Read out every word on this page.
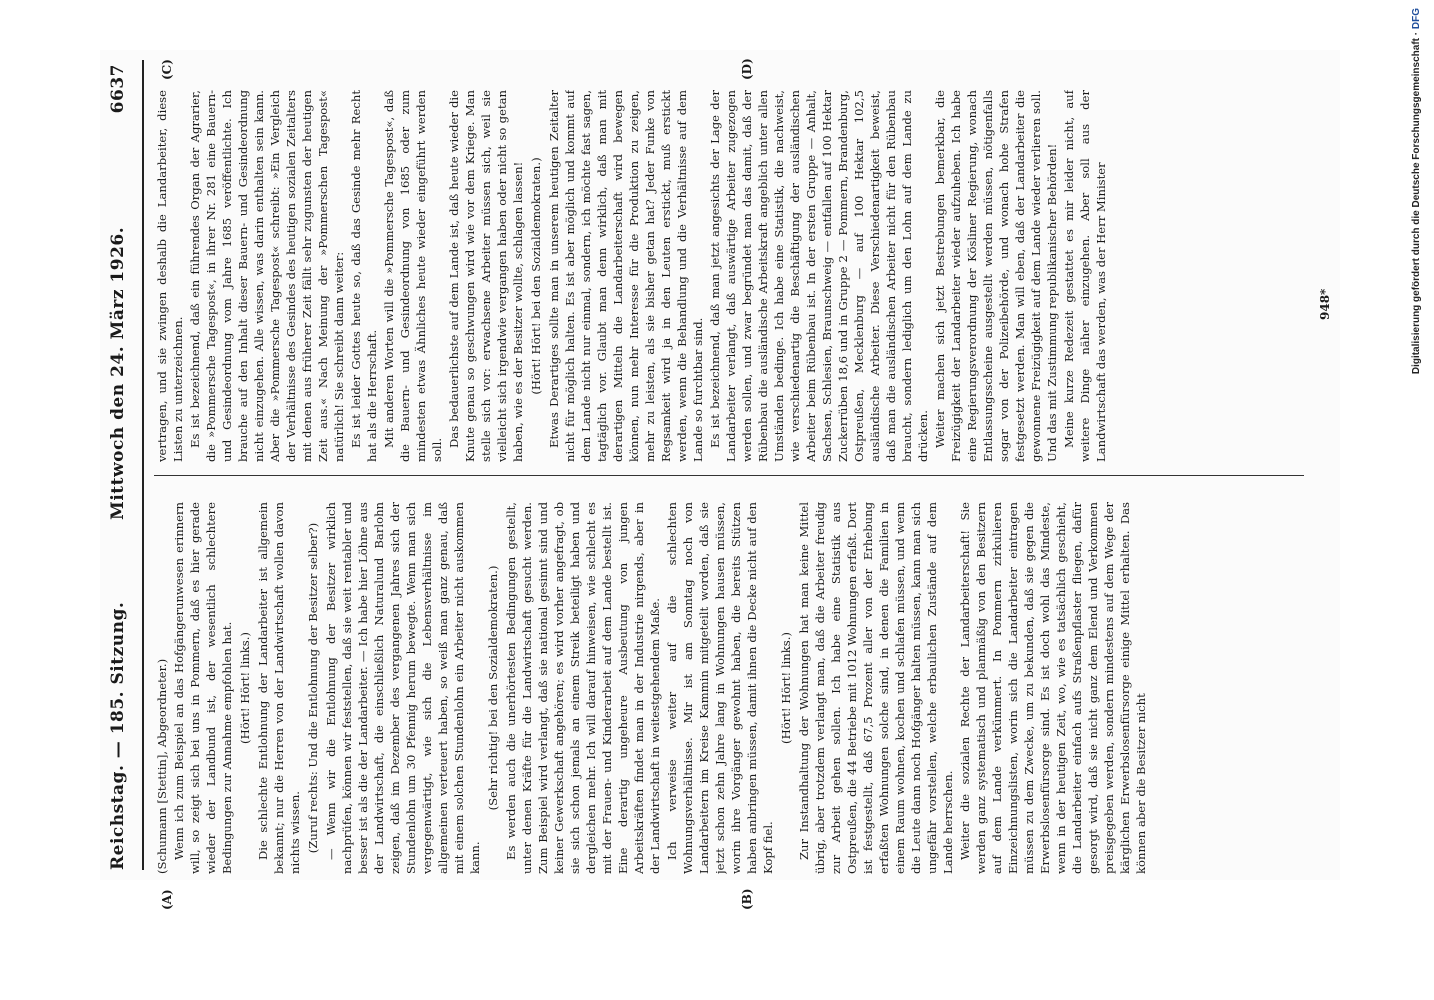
Reichstag. — 185. Sitzung.
Mittwoch den 24. März 1926.
6637
(A)	(B)
(C)	(D)

(Schumann [Stettin], Abgeordneter.) Wenn ich zum Beispiel an das Hofgängerunwesen erinnern will, so zeigt sich bei uns in Pommern, daß es hier gerade wieder der Landbund ist, der wesentlich schlechtere Bedingungen zur Annahme empfohlen hat. (Hört! Hört! links.) Die schlechte Entlohnung der Landarbeiter ist allgemein bekannt; nur die Herren von der Landwirtschaft wollen davon nichts wissen. (Zuruf rechts: Und die Entlohnung der Besitzer selber?) — Wenn wir die Entlohnung der Besitzer wirklich nachprüfen, können wir feststellen, daß sie weit rentabler und besser ist als die der Landarbeiter. — Ich habe hier Löhne aus der Landwirtschaft, die einschließlich Naturalund Barlohn zeigen, daß im Dezember des vergangenen Jahres sich der Stundenlohn um 30 Pfennig herum bewegte. Wenn man sich vergegenwärtigt, wie sich die Lebensverhältnisse im allgemeinen verteuert haben, so weiß man ganz genau, daß mit einem solchen Stundenlohn ein Arbeiter nicht auskommen kann.

(Sehr richtig! bei den Sozialdemokraten.) Es werden auch die unerhörtesten Bedingungen gestellt, unter denen Kräfte für die Landwirtschaft gesucht werden. Zum Beispiel wird verlangt, daß sie national gesinnt sind und keiner Gewerkschaft angehören; es wird vorher angefragt, ob sie sich schon jemals an einem Streik beteiligt haben und dergleichen mehr. Ich will darauf hinweisen, wie schlecht es mit der Frauen- und Kinderarbeit auf dem Lande bestellt ist. Eine derartig ungeheure Ausbeutung von jungen Arbeitskräften findet man in der Industrie nirgends, aber in der Landwirtschaft in weitestgehendem Maße. Ich verweise weiter auf die schlechten Wohnungsverhältnisse. Mir ist am Sonntag noch von Landarbeitern im Kreise Kammin mitgeteilt worden, daß sie jetzt schon zehn Jahre lang in Wohnungen hausen müssen, worin ihre Vorgänger gewohnt haben, die bereits Stützen haben anbringen müssen, damit ihnen die Decke nicht auf den Kopf fiel.

(Hört! Hört! links.) Zur Instandhaltung der Wohnungen hat man keine Mittel übrig, aber trotzdem verlangt man, daß die Arbeiter freudig zur Arbeit gehen sollen. Ich habe eine Statistik aus Ostpreußen, die 44 Betriebe mit 1012 Wohnungen erfaßt. Dort ist festgestellt, daß 67,5 Prozent aller von der Erhebung erfaßten Wohnungen solche sind, in denen die Familien in einem Raum wohnen, kochen und schlafen müssen, und wenn die Leute dann noch Hofgänger halten müssen, kann man sich ungefähr vorstellen, welche erbaulichen Zustände auf dem Lande herrschen. Weiter die sozialen Rechte der Landarbeiterschaft! Sie werden ganz systematisch und planmäßig von den Besitzern auf dem Lande verkümmert. In Pommern zirkulieren Einzeichnungslisten, worin sich die Landarbeiter eintragen müssen zu dem Zwecke, um zu bekunden, daß sie gegen die Erwerbslosenfürsorge sind. Es ist doch wohl das Mindeste, wenn in der heutigen Zeit, wo, wie es tatsächlich geschieht, die Landarbeiter einfach aufs Straßenpflaster fliegen, dafür gesorgt wird, daß sie nicht ganz dem Elend und Verkommen preisgegeben werden, sondern mindestens auf dem Wege der kärglichen Erwerbslosenfürsorge einige Mittel erhalten. Das können aber die Besitzer nicht

vertragen, und sie zwingen deshalb die Landarbeiter, diese Listen zu unterzeichnen. Es ist bezeichnend, daß ein führendes Organ der Agrarier, die »Pommersche Tagespost«, in ihrer Nr. 281 eine Bauern- und Gesindeordnung vom Jahre 1685 veröffentlichte. Ich brauche auf den Inhalt dieser Bauern- und Gesindeordnung nicht einzugehen. Alle wissen, was darin enthalten sein kann. Aber die »Pommersche Tagespost« schreibt: »Ein Vergleich der Verhältnisse des Gesindes des heutigen sozialen Zeitalters mit denen aus früherer Zeit fällt sehr zugunsten der heutigen Zeit aus.« Nach Meinung der »Pommerschen Tagespost« natürlich! Sie schreibt dann weiter: Es ist leider Gottes heute so, daß das Gesinde mehr Recht hat als die Herrschaft. Mit anderen Worten will die »Pommersche Tagespost«, daß die Bauern- und Gesindeordnung von 1685 oder zum mindesten etwas Ähnliches heute wieder eingeführt werden soll.

Das bedauerlichste auf dem Lande ist, daß heute wieder die Knute genau so geschwungen wird wie vor dem Kriege. Man stelle sich vor: erwachsene Arbeiter müssen sich, weil sie vielleicht sich irgendwie vergangen haben oder nicht so getan haben, wie es der Besitzer wollte, schlagen lassen! (Hört! Hört! bei den Sozialdemokraten.) Etwas Derartiges sollte man in unserem heutigen Zeitalter nicht für möglich halten. Es ist aber möglich und kommt auf dem Lande nicht nur einmal, sondern, ich möchte fast sagen, tagtäglich vor. Glaubt man denn wirklich, daß man mit derartigen Mitteln die Landarbeiterschaft wird bewegen können, nun mehr Interesse für die Produktion zu zeigen, mehr zu leisten, als sie bisher getan hat? Jeder Funke von Regsamkeit wird ja in den Leuten erstickt, muß erstickt werden, wenn die Behandlung und die Verhältnisse auf dem Lande so furchtbar sind. Es ist bezeichnend, daß man jetzt angesichts der Lage der Landarbeiter verlangt, daß auswärtige Arbeiter zugezogen werden sollen, und zwar begründet man das damit, daß der Rübenbau die ausländische Arbeitskraft angeblich unter allen Umständen bedinge. Ich habe eine Statistik, die nachweist, wie verschiedenartig die Beschäftigung der ausländischen Arbeiter beim Rübenbau ist. In der ersten Gruppe — Anhalt, Sachsen, Schlesien, Braunschweig — entfallen auf 100 Hektar Zuckerrüben 18,6 und in Gruppe 2 — Pommern, Brandenburg, Ostpreußen, Mecklenburg — auf 100 Hektar 102,5 ausländische Arbeiter. Diese Verschiedenartigkeit beweist, daß man die ausländischen Arbeiter nicht für den Rübenbau braucht, sondern lediglich um den Lohn auf dem Lande zu drücken. Weiter machen sich jetzt Bestrebungen bemerkbar, die Freizügigkeit der Landarbeiter wieder aufzuheben. Ich habe eine Regierungsverordnung der Kösliner Regierung, wonach Entlassungsscheine ausgestellt werden müssen, nötigenfalls sogar von der Polizeibehörde, und wonach hohe Strafen festgesetzt werden. Man will eben, daß der Landarbeiter die gewonnene Freizügigkeit auf dem Lande wieder verlieren soll. Und das mit Zustimmung republikanischer Behörden! Meine kurze Redezeit gestattet es mir leider nicht, auf weitere Dinge näher einzugehen. Aber soll aus der Landwirtschaft das werden, was der Herr Minister	948*	Digitalisierung gefördert durch die Deutsche Forschungsgemeinschaft · DFG
